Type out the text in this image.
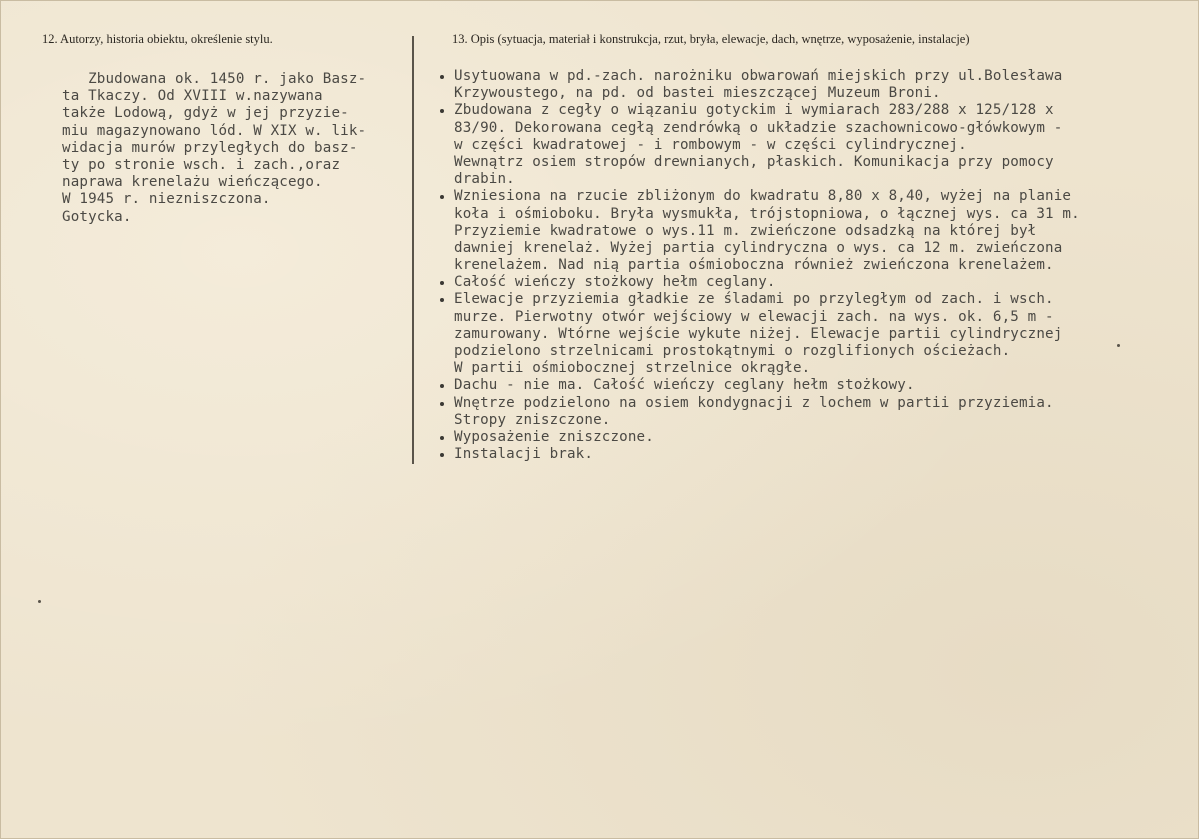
12. Autorzy, historia obiektu, określenie stylu.	13. Opis (sytuacja, materiał i konstrukcja, rzut, bryła, elewacje, dach, wnętrze, wyposażenie, instalacje)
Zbudowana ok. 1450 r. jako Basz-
ta Tkaczy. Od XVIII w.nazywana
także Lodową, gdyż w jej przyzie-
miu magazynowano lód. W XIX w. lik-
widacja murów przyległych do basz-
ty po stronie wsch. i zach.,oraz
naprawa krenelażu wieńczącego.
W 1945 r. niezniszczona.
Gotycka.
Usytuowana w pd.-zach. narożniku obwarowań miejskich przy ul.Bolesława
Krzywoustego, na pd. od bastei mieszczącej Muzeum Broni.
Zbudowana z cegły o wiązaniu gotyckim i wymiarach 283/288 x 125/128 x
83/90. Dekorowana cegłą zendrówką o układzie szachownicowo-główkowym -
w części kwadratowej - i rombowym - w części cylindrycznej.
Wewnątrz osiem stropów drewnianych, płaskich. Komunikacja przy pomocy
drabin.
Wzniesiona na rzucie zbliżonym do kwadratu 8,80 x 8,40, wyżej na planie
koła i ośmioboku. Bryła wysmukła, trójstopniowa, o łącznej wys. ca 31 m.
Przyziemie kwadratowe o wys.11 m. zwieńczone odsadzką na której był
dawniej krenelaż. Wyżej partia cylindryczna o wys. ca 12 m. zwieńczona
krenelażem. Nad nią partia ośmioboczna również zwieńczona krenelażem.
Całość wieńczy stożkowy hełm ceglany.
Elewacje przyziemia gładkie ze śladami po przyległym od zach. i wsch.
murze. Pierwotny otwór wejściowy w elewacji zach. na wys. ok. 6,5 m -
zamurowany. Wtórne wejście wykute niżej. Elewacje partii cylindrycznej
podzielono strzelnicami prostokątnymi o rozglifionych ościeżach.
W partii ośmiobocznej strzelnice okrągłe.
Dachu - nie ma. Całość wieńczy ceglany hełm stożkowy.
Wnętrze podzielono na osiem kondygnacji z lochem w partii przyziemia.
Stropy zniszczone.
Wyposażenie zniszczone.
Instalacji brak.
